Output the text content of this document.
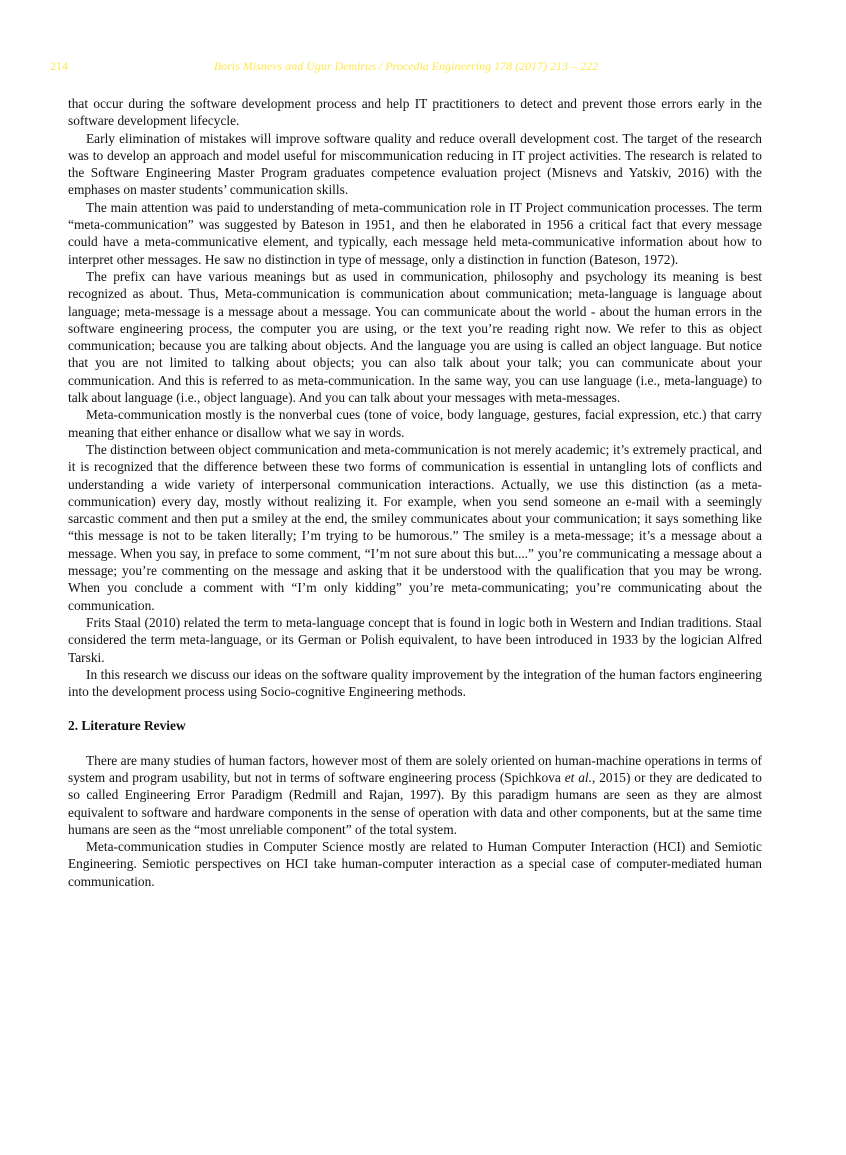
214	Boris Misnevs and Ugur Demirus / Procedia Engineering 178 (2017) 213 – 222

that occur during the software development process and help IT practitioners to detect and prevent those errors early in the software development lifecycle.

Early elimination of mistakes will improve software quality and reduce overall development cost. The target of the research was to develop an approach and model useful for miscommunication reducing in IT project activities. The research is related to the Software Engineering Master Program graduates competence evaluation project (Misnevs and Yatskiv, 2016) with the emphases on master students’ communication skills.

The main attention was paid to understanding of meta-communication role in IT Project communication processes. The term “meta-communication” was suggested by Bateson in 1951, and then he elaborated in 1956 a critical fact that every message could have a meta-communicative element, and typically, each message held meta-communicative information about how to interpret other messages. He saw no distinction in type of message, only a distinction in function (Bateson, 1972).

The prefix can have various meanings but as used in communication, philosophy and psychology its meaning is best recognized as about. Thus, Meta-communication is communication about communication; meta-language is language about language; meta-message is a message about a message. You can communicate about the world - about the human errors in the software engineering process, the computer you are using, or the text you’re reading right now. We refer to this as object communication; because you are talking about objects. And the language you are using is called an object language. But notice that you are not limited to talking about objects; you can also talk about your talk; you can communicate about your communication. And this is referred to as meta-communication. In the same way, you can use language (i.e., meta-language) to talk about language (i.e., object language). And you can talk about your messages with meta-messages.

Meta-communication mostly is the nonverbal cues (tone of voice, body language, gestures, facial expression, etc.) that carry meaning that either enhance or disallow what we say in words.

The distinction between object communication and meta-communication is not merely academic; it’s extremely practical, and it is recognized that the difference between these two forms of communication is essential in untangling lots of conflicts and understanding a wide variety of interpersonal communication interactions. Actually, we use this distinction (as a meta-communication) every day, mostly without realizing it. For example, when you send someone an e-mail with a seemingly sarcastic comment and then put a smiley at the end, the smiley communicates about your communication; it says something like “this message is not to be taken literally; I’m trying to be humorous.” The smiley is a meta-message; it’s a message about a message. When you say, in preface to some comment, “I’m not sure about this but....” you’re communicating a message about a message; you’re commenting on the message and asking that it be understood with the qualification that you may be wrong. When you conclude a comment with “I’m only kidding” you’re meta-communicating; you’re communicating about the communication.

Frits Staal (2010) related the term to meta-language concept that is found in logic both in Western and Indian traditions. Staal considered the term meta-language, or its German or Polish equivalent, to have been introduced in 1933 by the logician Alfred Tarski.

In this research we discuss our ideas on the software quality improvement by the integration of the human factors engineering into the development process using Socio-cognitive Engineering methods.

2. Literature Review

There are many studies of human factors, however most of them are solely oriented on human-machine operations in terms of system and program usability, but not in terms of software engineering process (Spichkova et al., 2015) or they are dedicated to so called Engineering Error Paradigm (Redmill and Rajan, 1997). By this paradigm humans are seen as they are almost equivalent to software and hardware components in the sense of operation with data and other components, but at the same time humans are seen as the “most unreliable component” of the total system.

Meta-communication studies in Computer Science mostly are related to Human Computer Interaction (HCI) and Semiotic Engineering. Semiotic perspectives on HCI take human-computer interaction as a special case of computer-mediated human communication.
